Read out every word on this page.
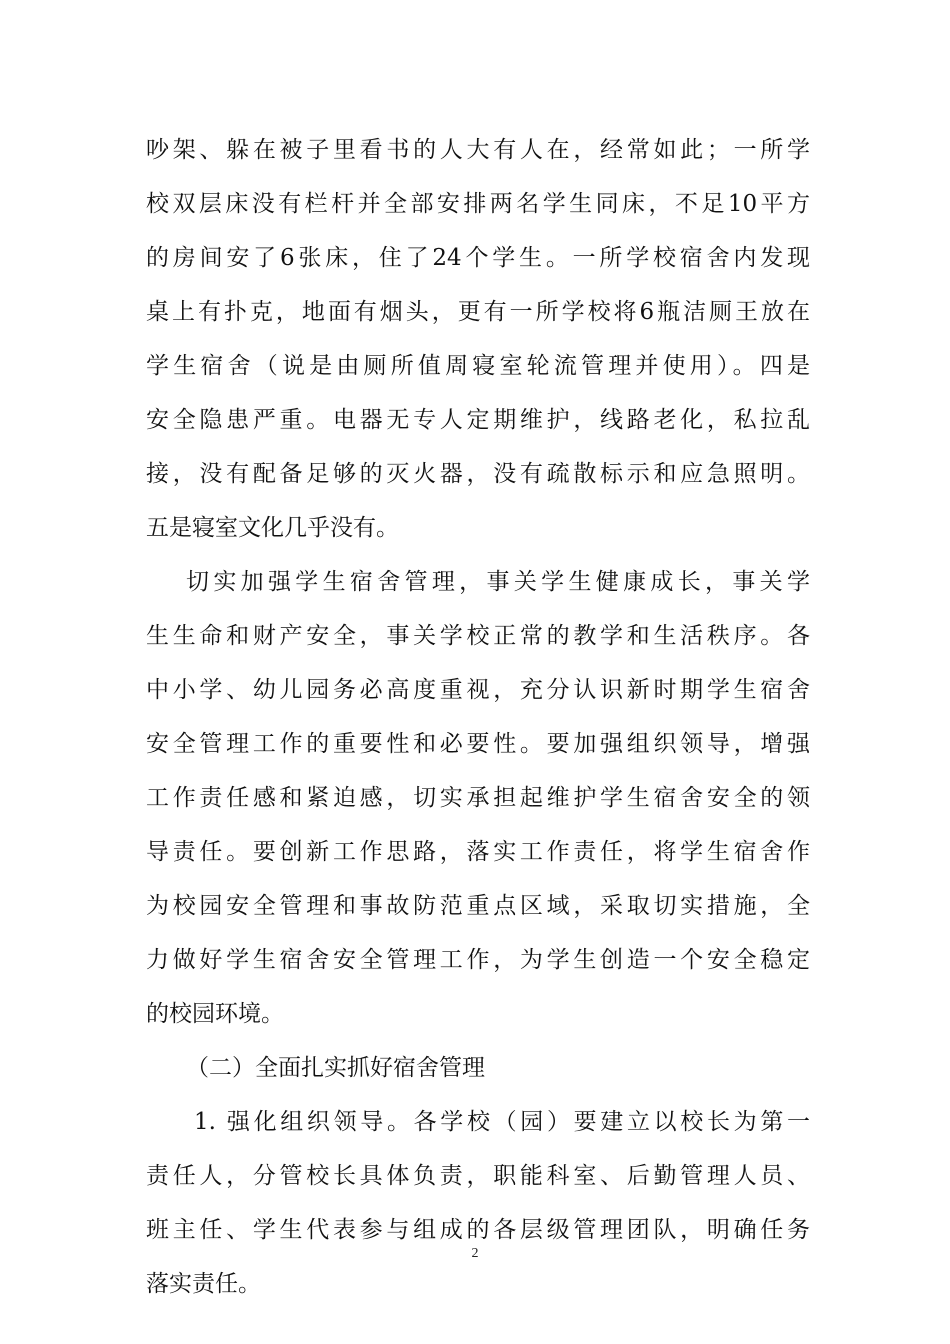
吵架、躲在被子里看书的人大有人在，经常如此；一所学
校双层床没有栏杆并全部安排两名学生同床，不足10平方
的房间安了6张床，住了24个学生。一所学校宿舍内发现
桌上有扑克，地面有烟头，更有一所学校将6瓶洁厕王放在
学生宿舍（说是由厕所值周寝室轮流管理并使用）。四是
安全隐患严重。电器无专人定期维护，线路老化，私拉乱
接，没有配备足够的灭火器，没有疏散标示和应急照明。
五是寝室文化几乎没有。
切实加强学生宿舍管理，事关学生健康成长，事关学
生生命和财产安全，事关学校正常的教学和生活秩序。各
中小学、幼儿园务必高度重视，充分认识新时期学生宿舍
安全管理工作的重要性和必要性。要加强组织领导，增强
工作责任感和紧迫感，切实承担起维护学生宿舍安全的领
导责任。要创新工作思路，落实工作责任，将学生宿舍作
为校园安全管理和事故防范重点区域，采取切实措施，全
力做好学生宿舍安全管理工作，为学生创造一个安全稳定
的校园环境。
（二）全面扎实抓好宿舍管理
1. 强化组织领导。各学校（园）要建立以校长为第一
责任人，分管校长具体负责，职能科室、后勤管理人员、
班主任、学生代表参与组成的各层级管理团队，明确任务
落实责任。
2
